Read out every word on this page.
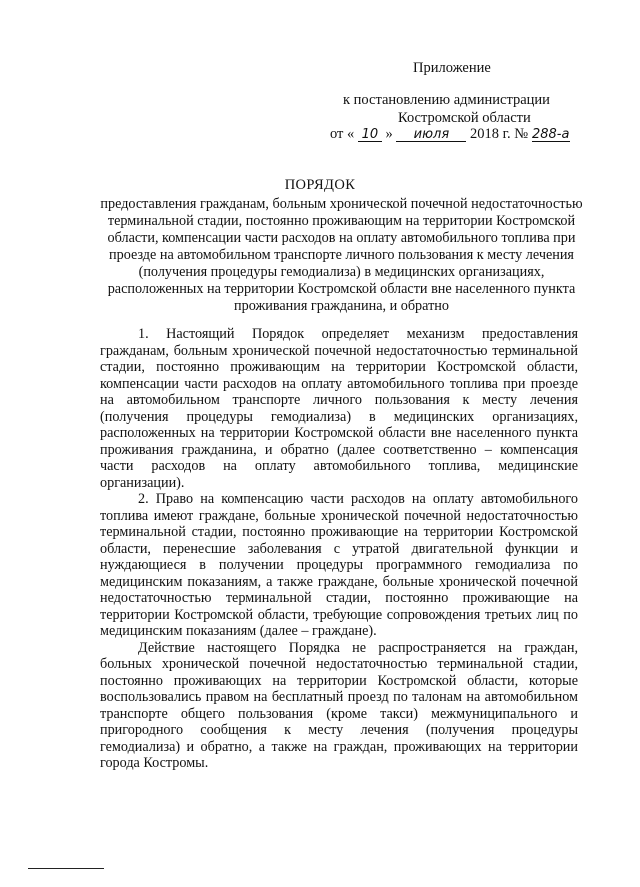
Приложение
к постановлению администрации
Костромской области
от « 10 » июля 2018 г. № 288-а
ПОРЯДОК
предоставления гражданам, больным хронической почечной недостаточностью терминальной стадии, постоянно проживающим на территории Костромской области, компенсации части расходов на оплату автомобильного топлива при проезде на автомобильном транспорте личного пользования к месту лечения (получения процедуры гемодиализа) в медицинских организациях, расположенных на территории Костромской области вне населенного пункта проживания гражданина, и обратно

1. Настоящий Порядок определяет механизм предоставления гражданам, больным хронической почечной недостаточностью терминальной стадии, постоянно проживающим на территории Костромской области, компенсации части расходов на оплату автомобильного топлива при проезде на автомобильном транспорте личного пользования к месту лечения (получения процедуры гемодиализа) в медицинских организациях, расположенных на территории Костромской области вне населенного пункта проживания гражданина, и обратно (далее соответственно – компенсация части расходов на оплату автомобильного топлива, медицинские организации).

2. Право на компенсацию части расходов на оплату автомобильного топлива имеют граждане, больные хронической почечной недостаточностью терминальной стадии, постоянно проживающие на территории Костромской области, перенесшие заболевания с утратой двигательной функции и нуждающиеся в получении процедуры программного гемодиализа по медицинским показаниям, а также граждане, больные хронической почечной недостаточностью терминальной стадии, постоянно проживающие на территории Костромской области, требующие сопровождения третьих лиц по медицинским показаниям (далее – граждане).

Действие настоящего Порядка не распространяется на граждан, больных хронической почечной недостаточностью терминальной стадии, постоянно проживающих на территории Костромской области, которые воспользовались правом на бесплатный проезд по талонам на автомобильном транспорте общего пользования (кроме такси) межмуниципального и пригородного сообщения к месту лечения (получения процедуры гемодиализа) и обратно, а также на граждан, проживающих на территории города Костромы.
